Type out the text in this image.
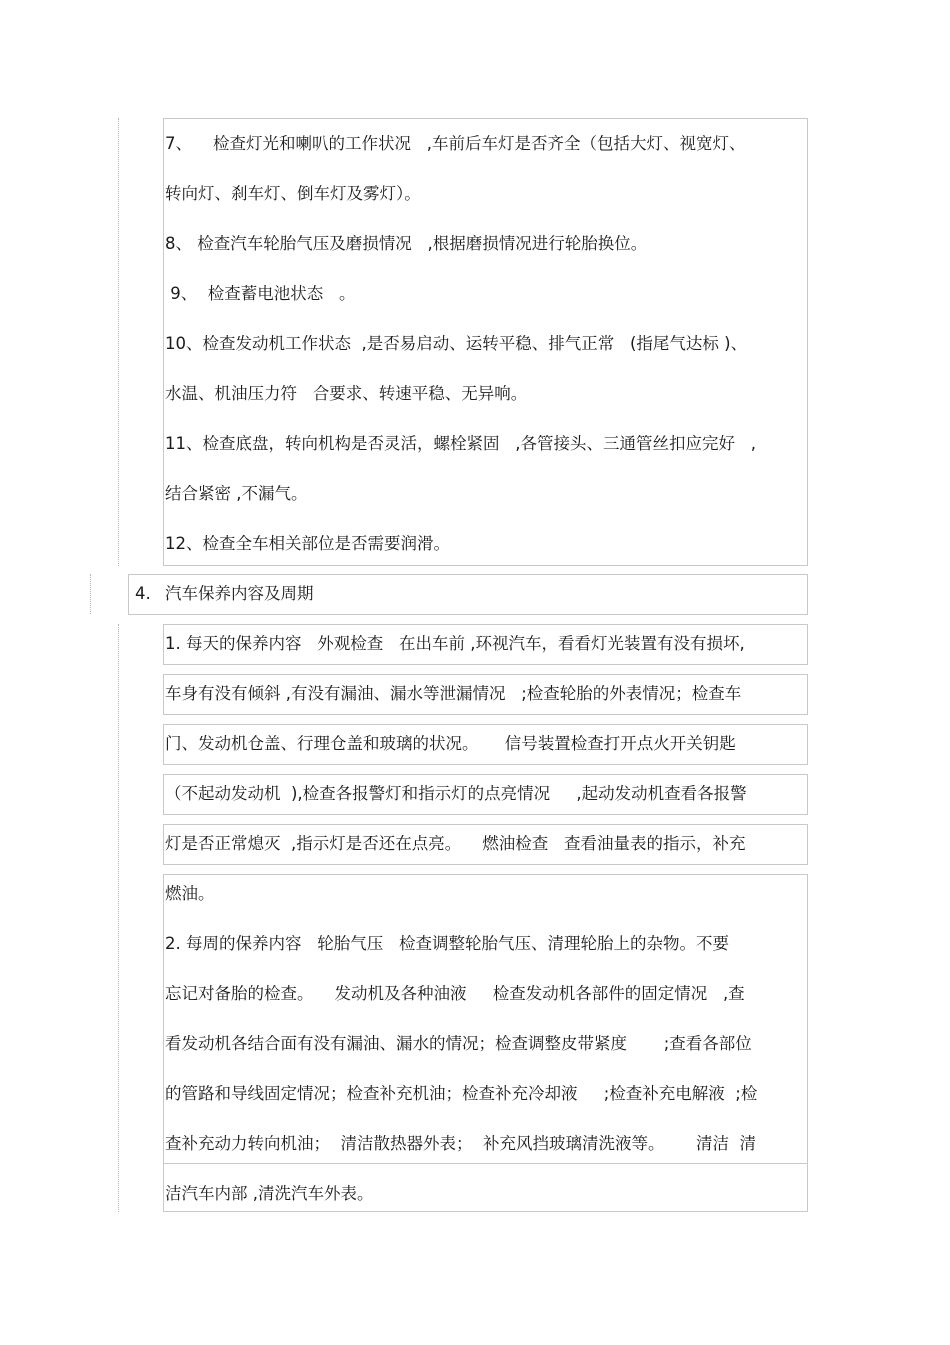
7、    检查灯光和喇叭的工作状况   ,车前后车灯是否齐全（包括大灯、视宽灯、
转向灯、刹车灯、倒车灯及雾灯）。
8、 检查汽车轮胎气压及磨损情况   ,根据磨损情况进行轮胎换位。
9、  检查蓄电池状态   。
10、检查发动机工作状态  ,是否易启动、运转平稳、排气正常   (指尾气达标 )、
水温、机油压力符   合要求、转速平稳、无异响。
11、检查底盘，转向机构是否灵活，螺栓紧固   ,各管接头、三通管丝扣应完好   ,
结合紧密 ,不漏气。
12、检查全车相关部位是否需要润滑。
4. 汽车保养内容及周期
1. 每天的保养内容   外观检查   在出车前 ,环视汽车，看看灯光装置有没有损坏,
车身有没有倾斜 ,有没有漏油、漏水等泄漏情况   ;检查轮胎的外表情况；检查车
门、发动机仓盖、行理仓盖和玻璃的状况。     信号装置检查打开点火开关钥匙
（不起动发动机  ),检查各报警灯和指示灯的点亮情况     ,起动发动机查看各报警
灯是否正常熄灭  ,指示灯是否还在点亮。    燃油检查   查看油量表的指示，补充
燃油。
2. 每周的保养内容   轮胎气压   检查调整轮胎气压、清理轮胎上的杂物。不要
忘记对备胎的检查。    发动机及各种油液     检查发动机各部件的固定情况   ,查
看发动机各结合面有没有漏油、漏水的情况；检查调整皮带紧度       ;查看各部位
的管路和导线固定情况；检查补充机油；检查补充冷却液     ;检查补充电解液  ;检
查补充动力转向机油；  清洁散热器外表；  补充风挡玻璃清洗液等。      清洁  清
洁汽车内部 ,清洗汽车外表。
